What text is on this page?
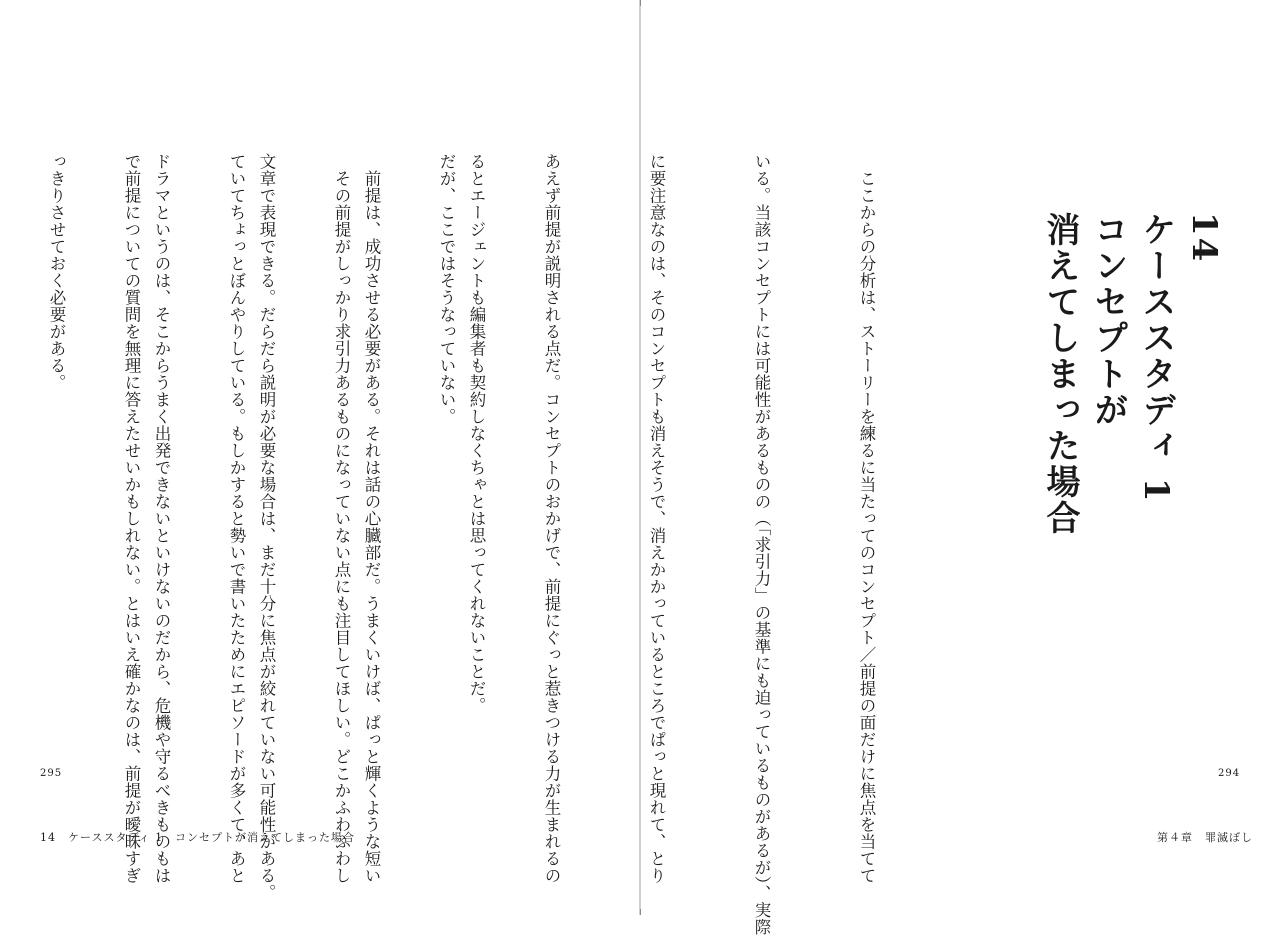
るとエージェントも編集者も契約しなくちゃとは思ってくれないことだ。

　前提は、成功させる必要がある。それは話の心臓部だ。うまくいけば、ぱっと輝くような短い

文章で表現できる。だらだら説明が必要な場合は、まだ十分に焦点が絞れていない可能性がある。

ドラマというのは、そこからうまく出発できないといけないのだから、危機や守るべきものもは

っきりさせておく必要がある。

295
14　ケーススタディ 1　コンセプトが消えてしまった場合
14
ケーススタディ 1
コンセプトが
消えてしまった場合

　ここからの分析は、ストーリーを練るに当たってのコンセプト／前提の面だけに焦点を当てて

いる。当該コンセプトには可能性があるものの（「求引力」の基準にも迫っているものがあるが）、実際

に要注意なのは、そのコンセプトも消えそうで、消えかかっているところでぱっと現れて、とり

あえず前提が説明される点だ。コンセプトのおかげで、前提にぐっと惹きつける力が生まれるの

だが、ここではそうなっていない。

　その前提がしっかり求引力あるものになっていない点にも注目してほしい。どこかふわふわし

ていてちょっとぼんやりしている。もしかすると勢いで書いたためにエピソードが多くて、あと

で前提についての質問を無理に答えたせいかもしれない。とはいえ確かなのは、前提が曖昧すぎ

	294
第４章　罪滅ぼし
